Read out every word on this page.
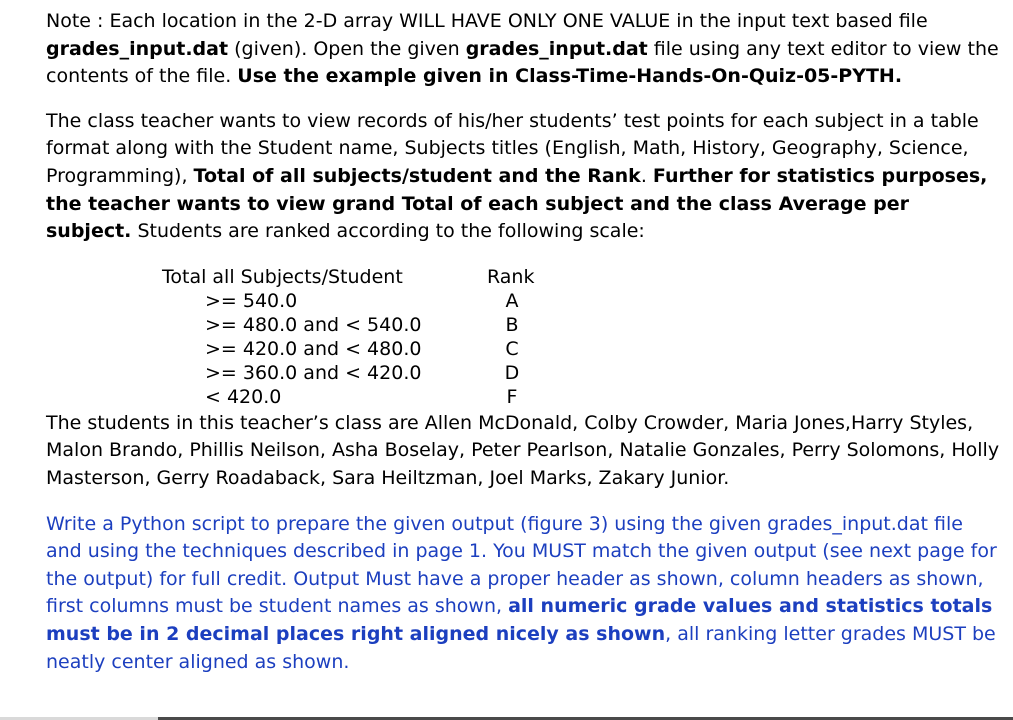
Note : Each location in the 2-D array WILL HAVE ONLY ONE VALUE in the input text based file grades_input.dat (given). Open the given grades_input.dat file using any text editor to view the contents of the file. Use the example given in Class-Time-Hands-On-Quiz-05-PYTH.

The class teacher wants to view records of his/her students’ test points for each subject in a table format along with the Student name, Subjects titles (English, Math, History, Geography, Science, Programming), Total of all subjects/student and the Rank. Further for statistics purposes, the teacher wants to view grand Total of each subject and the class Average per subject. Students are ranked according to the following scale:

Total all Subjects/Student	Rank
>= 540.0	A
>= 480.0 and < 540.0	B
>= 420.0 and < 480.0	C
>= 360.0 and < 420.0	D
< 420.0	F

The students in this teacher’s class are Allen McDonald, Colby Crowder, Maria Jones,Harry Styles, Malon Brando, Phillis Neilson, Asha Boselay, Peter Pearlson, Natalie Gonzales, Perry Solomons, Holly Masterson, Gerry Roadaback, Sara Heiltzman, Joel Marks, Zakary Junior.

Write a Python script to prepare the given output (figure 3) using the given grades_input.dat file and using the techniques described in page 1. You MUST match the given output (see next page for the output) for full credit. Output Must have a proper header as shown, column headers as shown, first columns must be student names as shown, all numeric grade values and statistics totals must be in 2 decimal places right aligned nicely as shown, all ranking letter grades MUST be neatly center aligned as shown.
